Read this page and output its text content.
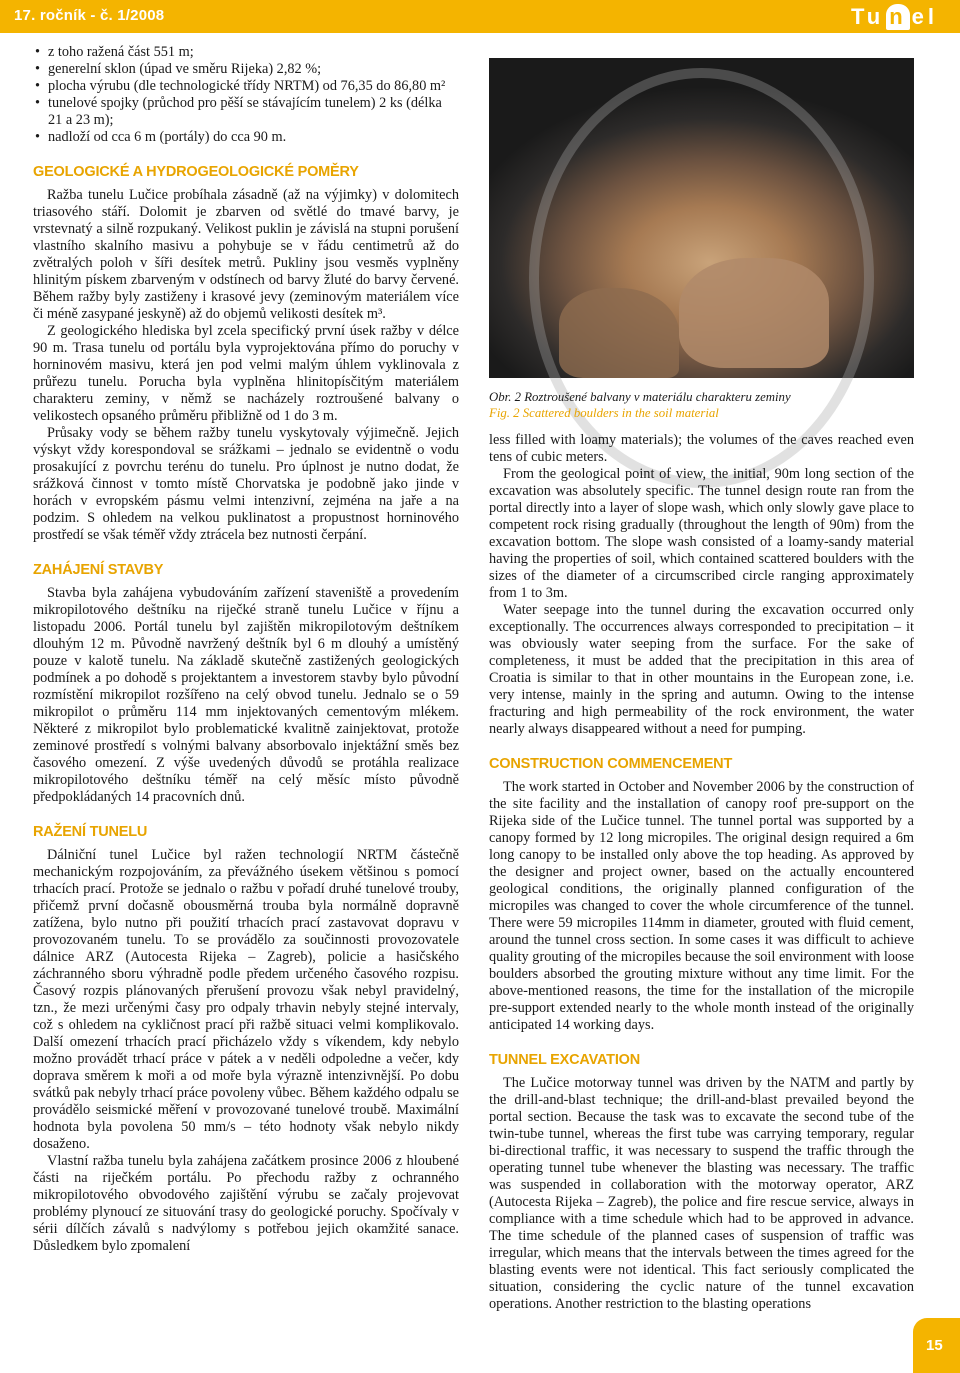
17. ročník - č. 1/2008	Tu n el
• z toho ražená část 551 m;
• generelní sklon (úpad ve směru Rijeka) 2,82 %;
• plocha výrubu (dle technologické třídy NRTM) od 76,35 do 86,80 m²
• tunelové spojky (průchod pro pěší se stávajícím tunelem) 2 ks (délka 21 a 23 m);
• nadloží od cca 6 m (portály) do cca 90 m.
GEOLOGICKÉ A HYDROGEOLOGICKÉ POMĚRY

Ražba tunelu Lučice probíhala zásadně (až na výjimky) v dolomitech triasového stáří. Dolomit je zbarven od světlé do tmavé barvy, je vrstevnatý a silně rozpukaný. Velikost puklin je závislá na stupni porušení vlastního skalního masivu a pohybuje se v řádu centimetrů až do zvětralých poloh v šíři desítek metrů. Pukliny jsou vesměs vyplněny hlinitým pískem zbarveným v odstínech od barvy žluté do barvy červené. Během ražby byly zastiženy i krasové jevy (zeminovým materiálem více či méně zasypané jeskyně) až do objemů velikosti desítek m³.

Z geologického hlediska byl zcela specifický první úsek ražby v délce 90 m. Trasa tunelu od portálu byla vyprojektována přímo do poruchy v horninovém masivu, která jen pod velmi malým úhlem vyklinovala z průřezu tunelu. Porucha byla vyplněna hlinitopísčitým materiálem charakteru zeminy, v němž se nacházely roztroušené balvany o velikostech opsaného průměru přibližně od 1 do 3 m.

Průsaky vody se během ražby tunelu vyskytovaly výjimečně. Jejich výskyt vždy korespondoval se srážkami – jednalo se evidentně o vodu prosakující z povrchu terénu do tunelu. Pro úplnost je nutno dodat, že srážková činnost v tomto místě Chorvatska je podobně jako jinde v horách v evropském pásmu velmi intenzivní, zejména na jaře a na podzim. S ohledem na velkou puklinatost a propustnost horninového prostředí se však téměř vždy ztrácela bez nutnosti čerpání.

ZAHÁJENÍ STAVBY

Stavba byla zahájena vybudováním zařízení staveniště a provedením mikropilotového deštníku na riječké straně tunelu Lučice v říjnu a listopadu 2006. Portál tunelu byl zajištěn mikropilotovým deštníkem dlouhým 12 m. Původně navržený deštník byl 6 m dlouhý a umístěný pouze v kalotě tunelu. Na základě skutečně zastižených geologických podmínek a po dohodě s projektantem a investorem stavby bylo původní rozmístění mikropilot rozšířeno na celý obvod tunelu. Jednalo se o 59 mikropilot o průměru 114 mm injektovaných cementovým mlékem. Některé z mikropilot bylo problematické kvalitně zainjektovat, protože zeminové prostředí s volnými balvany absorbovalo injektážní směs bez časového omezení. Z výše uvedených důvodů se protáhla realizace mikropilotového deštníku téměř na celý měsíc místo původně předpokládaných 14 pracovních dnů.

RAŽENÍ TUNELU

Dálniční tunel Lučice byl ražen technologií NRTM částečně mechanickým rozpojováním, za převážného úsekem většinou s pomocí trhacích prací. Protože se jednalo o ražbu v pořadí druhé tunelové trouby, přičemž první dočasně obousměrná trouba byla normálně dopravně zatížena, bylo nutno při použití trhacích prací zastavovat dopravu v provozovaném tunelu. To se provádělo za součinnosti provozovatele dálnice ARZ (Autocesta Rijeka – Zagreb), policie a hasičského záchranného sboru výhradně podle předem určeného časového rozpisu. Časový rozpis plánovaných přerušení provozu však nebyl pravidelný, tzn., že mezi určenými časy pro odpaly trhavin nebyly stejné intervaly, což s ohledem na cykličnost prací při ražbě situaci velmi komplikovalo. Další omezení trhacích prací přicházelo vždy s víkendem, kdy nebylo možno provádět trhací práce v pátek a v neděli odpoledne a večer, kdy doprava směrem k moři a od moře byla výrazně intenzivnější. Po dobu svátků pak nebyly trhací práce povoleny vůbec. Během každého odpalu se provádělo seismické měření v provozované tunelové troubě. Maximální hodnota byla povolena 50 mm/s – této hodnoty však nebylo nikdy dosaženo.

Vlastní ražba tunelu byla zahájena začátkem prosince 2006 z hloubené části na riječkém portálu. Po přechodu ražby z ochranného mikropilotového obvodového zajištění výrubu se začaly projevovat problémy plynoucí ze situování trasy do geologické poruchy. Spočívaly v sérii dílčích závalů s nadvýlomy s potřebou jejich okamžité sanace. Důsledkem bylo zpomalení

Obr. 2 Roztroušené balvany v materiálu charakteru zeminy
Fig. 2 Scattered boulders in the soil material

less filled with loamy materials); the volumes of the caves reached even tens of cubic meters.

From the geological point of view, the initial, 90m long section of the excavation was absolutely specific. The tunnel design route ran from the portal directly into a layer of slope wash, which only slowly gave place to competent rock rising gradually (throughout the length of 90m) from the excavation bottom. The slope wash consisted of a loamy-sandy material having the properties of soil, which contained scattered boulders with the sizes of the diameter of a circumscribed circle ranging approximately from 1 to 3m.

Water seepage into the tunnel during the excavation occurred only exceptionally. The occurrences always corresponded to precipitation – it was obviously water seeping from the surface. For the sake of completeness, it must be added that the precipitation in this area of Croatia is similar to that in other mountains in the European zone, i.e. very intense, mainly in the spring and autumn. Owing to the intense fracturing and high permeability of the rock environment, the water nearly always disappeared without a need for pumping.

CONSTRUCTION COMMENCEMENT

The work started in October and November 2006 by the construction of the site facility and the installation of canopy roof pre-support on the Rijeka side of the Lučice tunnel. The tunnel portal was supported by a canopy formed by 12 long micropiles. The original design required a 6m long canopy to be installed only above the top heading. As approved by the designer and project owner, based on the actually encountered geological conditions, the originally planned configuration of the micropiles was changed to cover the whole circumference of the tunnel. There were 59 micropiles 114mm in diameter, grouted with fluid cement, around the tunnel cross section. In some cases it was difficult to achieve quality grouting of the micropiles because the soil environment with loose boulders absorbed the grouting mixture without any time limit. For the above-mentioned reasons, the time for the installation of the micropile pre-support extended nearly to the whole month instead of the originally anticipated 14 working days.

TUNNEL EXCAVATION

The Lučice motorway tunnel was driven by the NATM and partly by the drill-and-blast technique; the drill-and-blast prevailed beyond the portal section. Because the task was to excavate the second tube of the twin-tube tunnel, whereas the first tube was carrying temporary, regular bi-directional traffic, it was necessary to suspend the traffic through the operating tunnel tube whenever the blasting was necessary. The traffic was suspended in collaboration with the motorway operator, ARZ (Autocesta Rijeka – Zagreb), the police and fire rescue service, always in compliance with a time schedule which had to be approved in advance. The time schedule of the planned cases of suspension of traffic was irregular, which means that the intervals between the times agreed for the blasting events were not identical. This fact seriously complicated the situation, considering the cyclic nature of the tunnel excavation operations. Another restriction to the blasting operations

15
